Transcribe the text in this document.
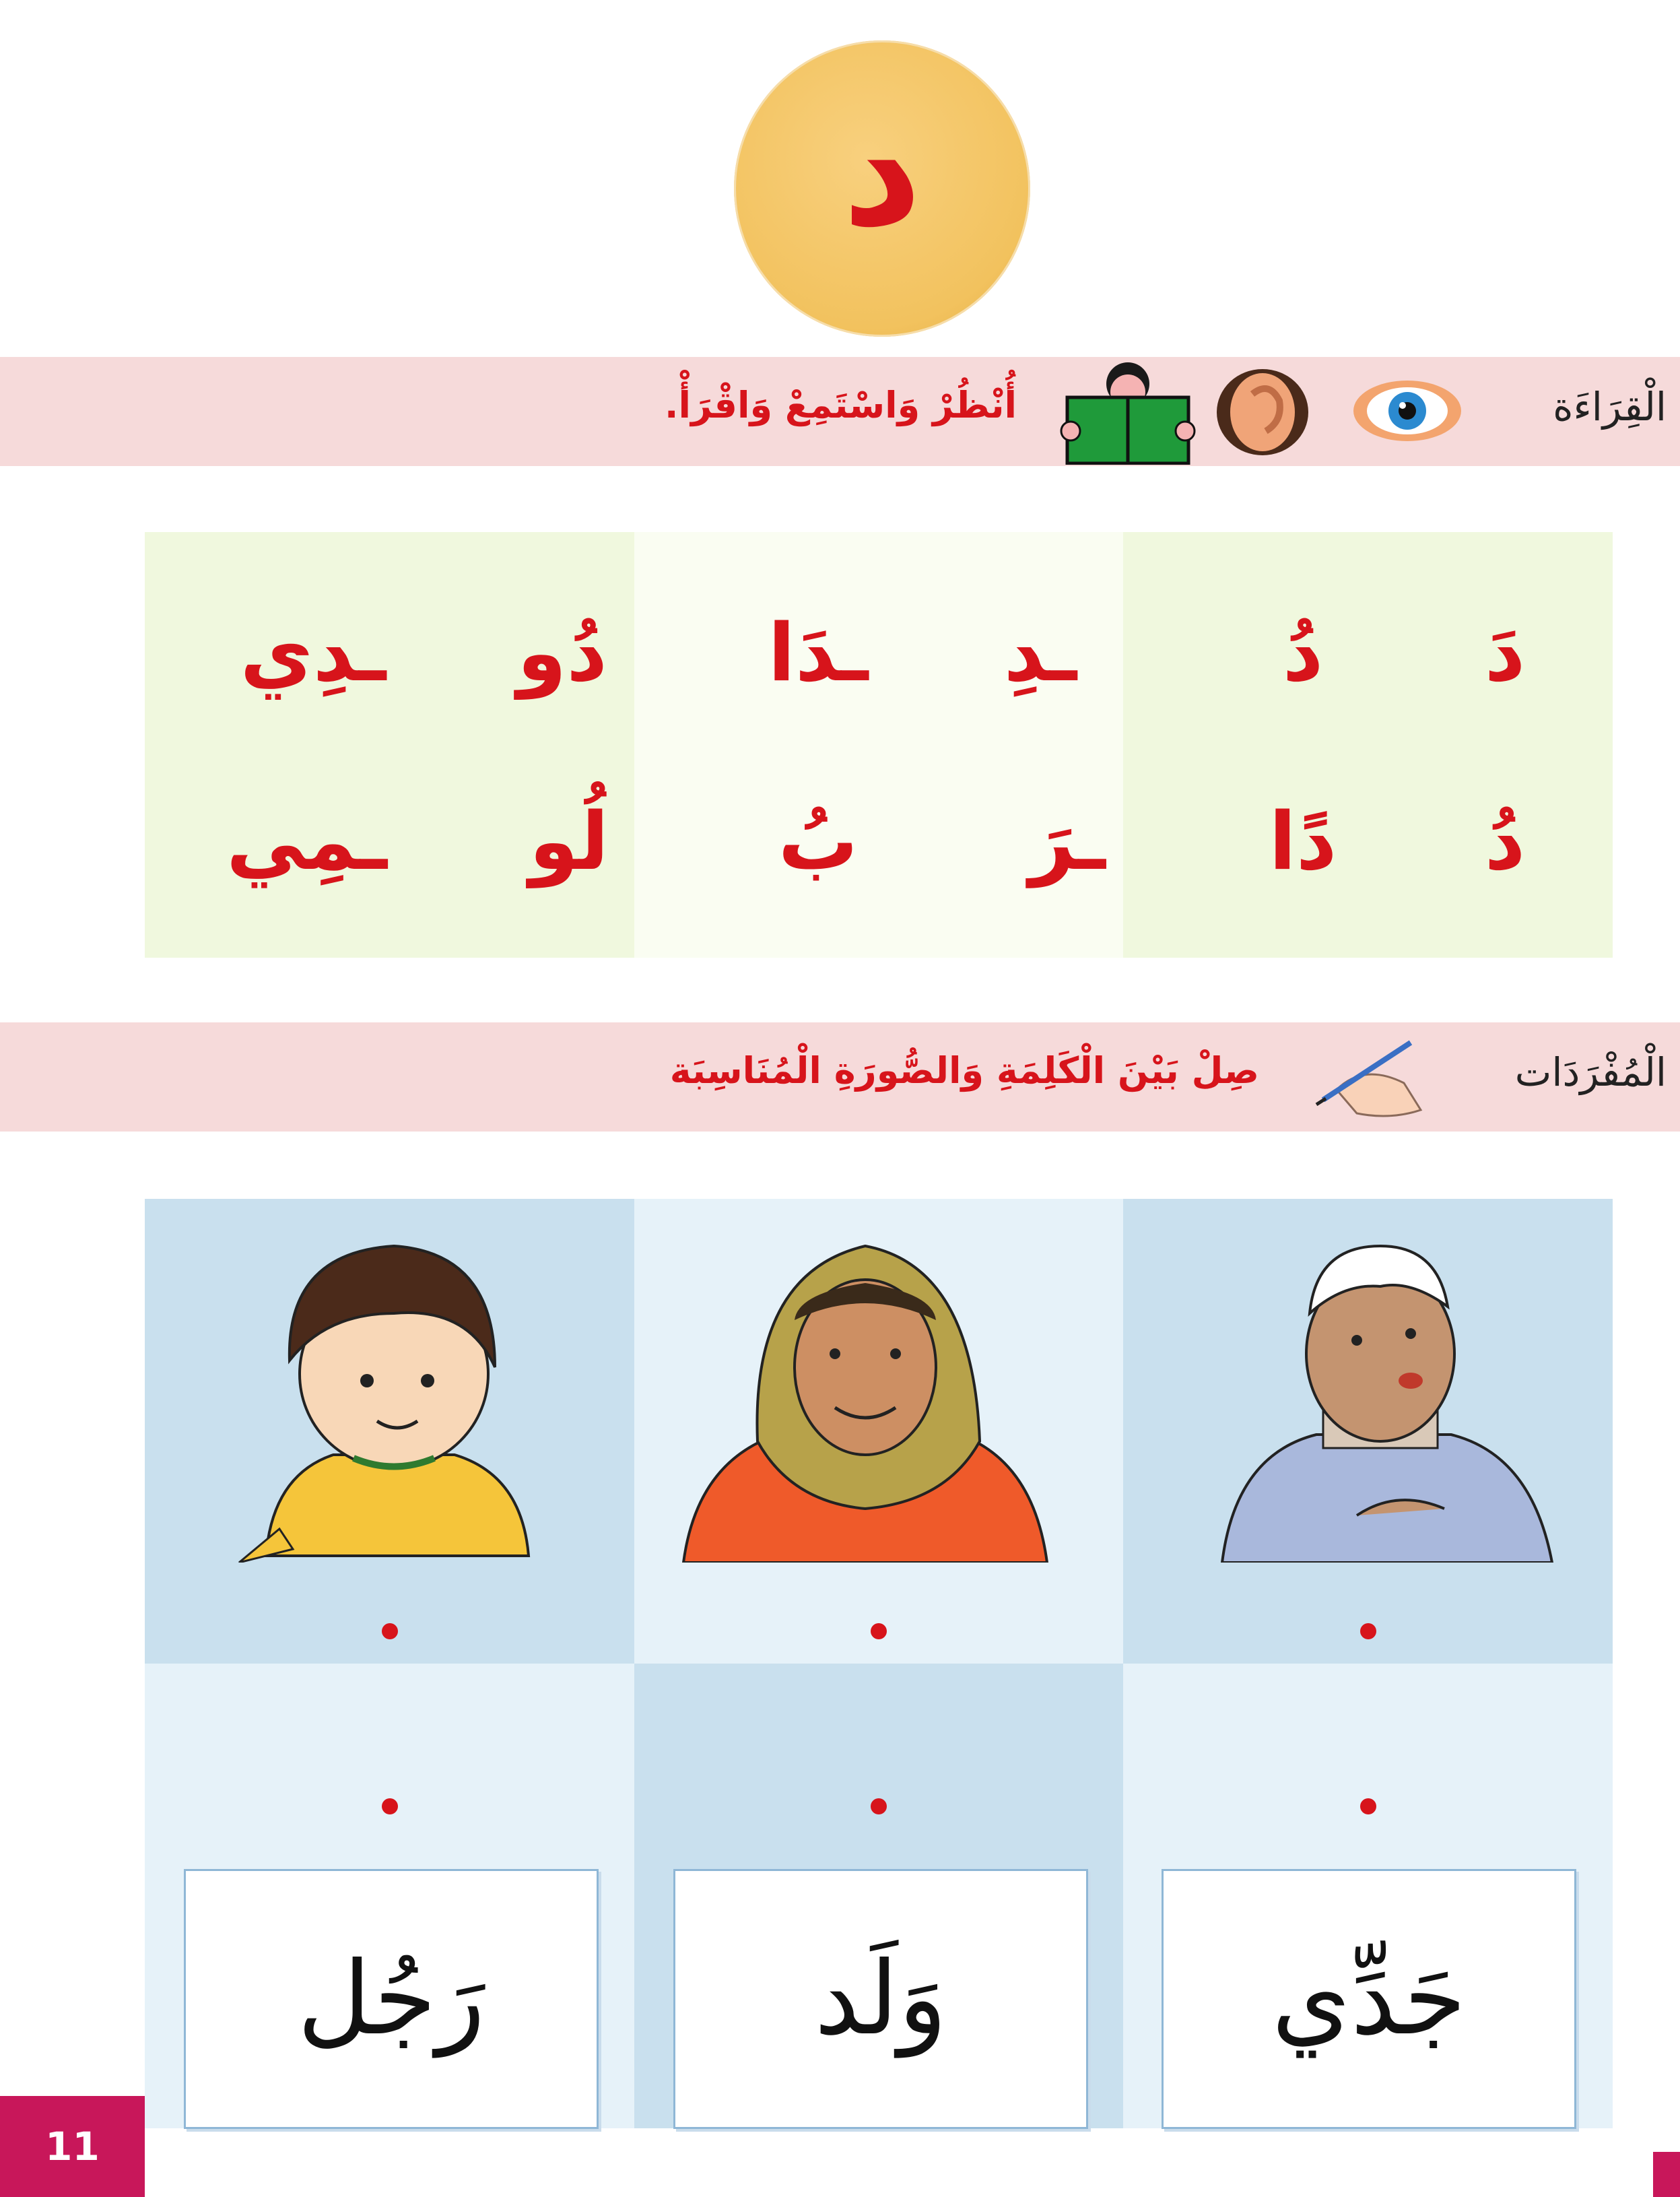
د
الْقِرَاءَة
أُنْظُرْ وَاسْتَمِعْ وَاقْرَأْ.
دَ
دُ
ـدِ
ـدَا
دُو
ـدِي
دُ
دًا
ـرَ
بُ
لُو
ـمِي
الْمُفْرَدَات
صِلْ بَيْنَ الْكَلِمَةِ وَالصُّورَةِ الْمُنَاسِبَة
جَدِّي
وَلَد
رَجُل
11
